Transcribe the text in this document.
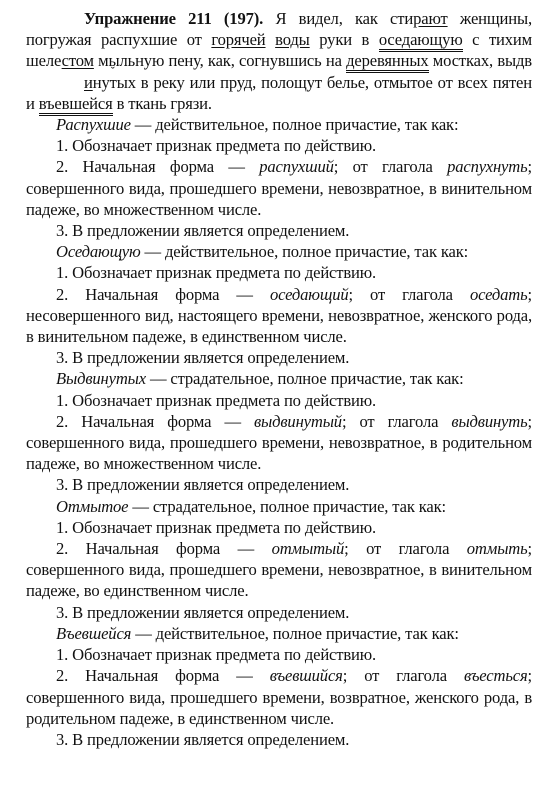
Упражнение 211 (197). Я видел, как стирают женщины, погружая распухшие от горячей воды руки в оседающую с тихим шелестом мыльную пену, как, согнувшись на деревянных мостках, выдви ˇнутых в реку или пруд, полощут белье, отмытое от всех пятен и въевшейся в ткань грязи.

Распухшие — действительное, полное причастие, так как:

1. Обозначает признак предмета по действию.

2. Начальная форма — распухший; от глагола распухнуть; совершенного вида, прошедшего времени, невозвратное, в винительном падеже, во множественном числе.

3. В предложении является определением.

Оседающую — действительное, полное причастие, так как:

1. Обозначает признак предмета по действию.

2. Начальная форма — оседающий; от глагола оседать; несовершенного вид, настоящего времени, невозвратное, женского рода, в винительном падеже, в единственном числе.

3. В предложении является определением.

Выдвинутых — страдательное, полное причастие, так как:

1. Обозначает признак предмета по действию.

2. Начальная форма — выдвинутый; от глагола выдвинуть; совершенного вида, прошедшего времени, невозвратное, в родительном падеже, во множественном числе.

3. В предложении является определением.

Отмытое — страдательное, полное причастие, так как:

1. Обозначает признак предмета по действию.

2. Начальная форма — отмытый; от глагола отмыть; совершенного вида, прошедшего времени, невозвратное, в винительном падеже, во единственном числе.

3. В предложении является определением.

Въевшейся — действительное, полное причастие, так как:

1. Обозначает признак предмета по действию.

2. Начальная форма — въевшийся; от глагола въесться; совершенного вида, прошедшего времени, возвратное, женского рода, в родительном падеже, в единственном числе.

3. В предложении является определением.
